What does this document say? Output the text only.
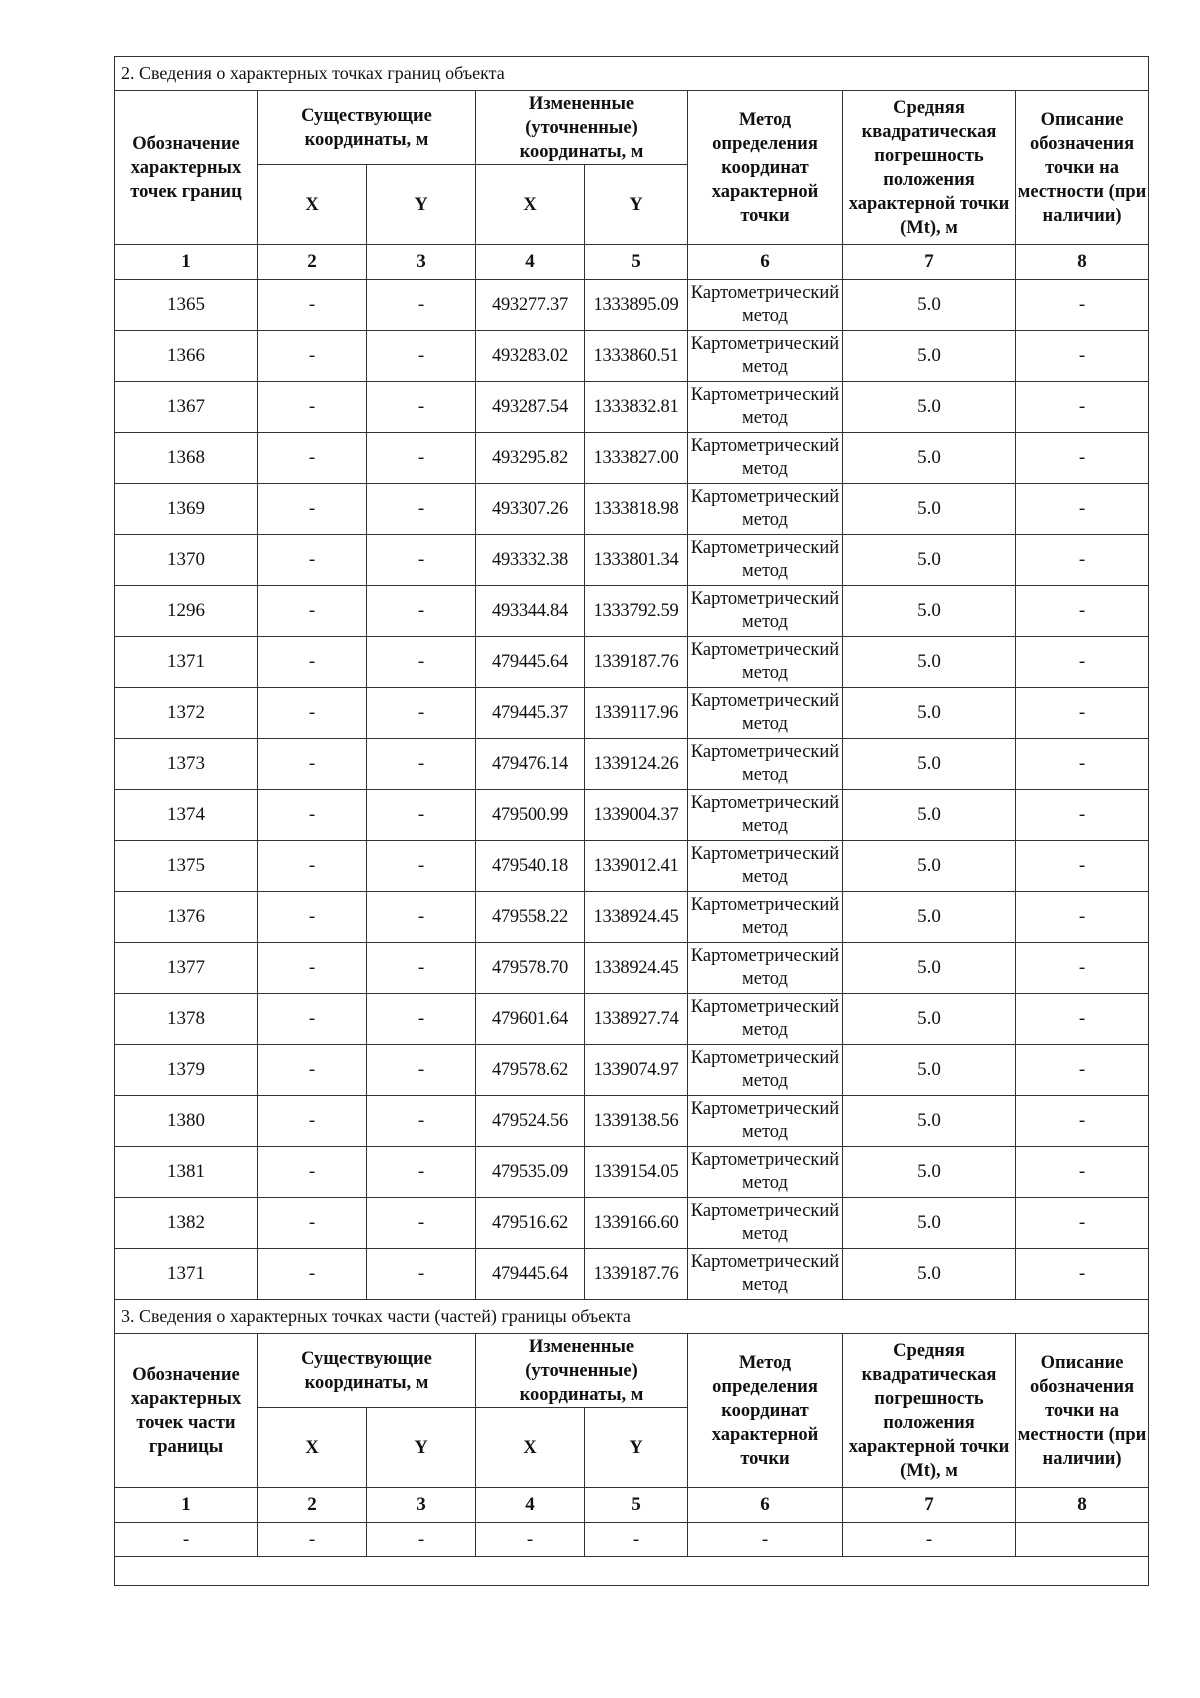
2. Сведения о характерных точках границ объекта							
Обозначение характерных точек границ	Существующие координаты, м		Измененные (уточненные) координаты, м		Метод определения координат характерной точки	Средняя квадратическая погрешность положения характерной точки (Mt), м	Описание обозначения точки на местности (при наличии)
	X	Y	X	Y			
1	2	3	4	5	6	7	8
1365	-	-	493277.37	1333895.09	Картометрический метод	5.0	-
1366	-	-	493283.02	1333860.51	Картометрический метод	5.0	-
1367	-	-	493287.54	1333832.81	Картометрический метод	5.0	-
1368	-	-	493295.82	1333827.00	Картометрический метод	5.0	-
1369	-	-	493307.26	1333818.98	Картометрический метод	5.0	-
1370	-	-	493332.38	1333801.34	Картометрический метод	5.0	-
1296	-	-	493344.84	1333792.59	Картометрический метод	5.0	-
1371	-	-	479445.64	1339187.76	Картометрический метод	5.0	-
1372	-	-	479445.37	1339117.96	Картометрический метод	5.0	-
1373	-	-	479476.14	1339124.26	Картометрический метод	5.0	-
1374	-	-	479500.99	1339004.37	Картометрический метод	5.0	-
1375	-	-	479540.18	1339012.41	Картометрический метод	5.0	-
1376	-	-	479558.22	1338924.45	Картометрический метод	5.0	-
1377	-	-	479578.70	1338924.45	Картометрический метод	5.0	-
1378	-	-	479601.64	1338927.74	Картометрический метод	5.0	-
1379	-	-	479578.62	1339074.97	Картометрический метод	5.0	-
1380	-	-	479524.56	1339138.56	Картометрический метод	5.0	-
1381	-	-	479535.09	1339154.05	Картометрический метод	5.0	-
1382	-	-	479516.62	1339166.60	Картометрический метод	5.0	-
1371	-	-	479445.64	1339187.76	Картометрический метод	5.0	-
3. Сведения о характерных точках части (частей) границы объекта							
Обозначение характерных точек части границы	Существующие координаты, м		Измененные (уточненные) координаты, м		Метод определения координат характерной точки	Средняя квадратическая погрешность положения характерной точки (Mt), м	Описание обозначения точки на местности (при наличии)
	X	Y	X	Y			
1	2	3	4	5	6	7	8
-	-	-	-	-	-	-	
